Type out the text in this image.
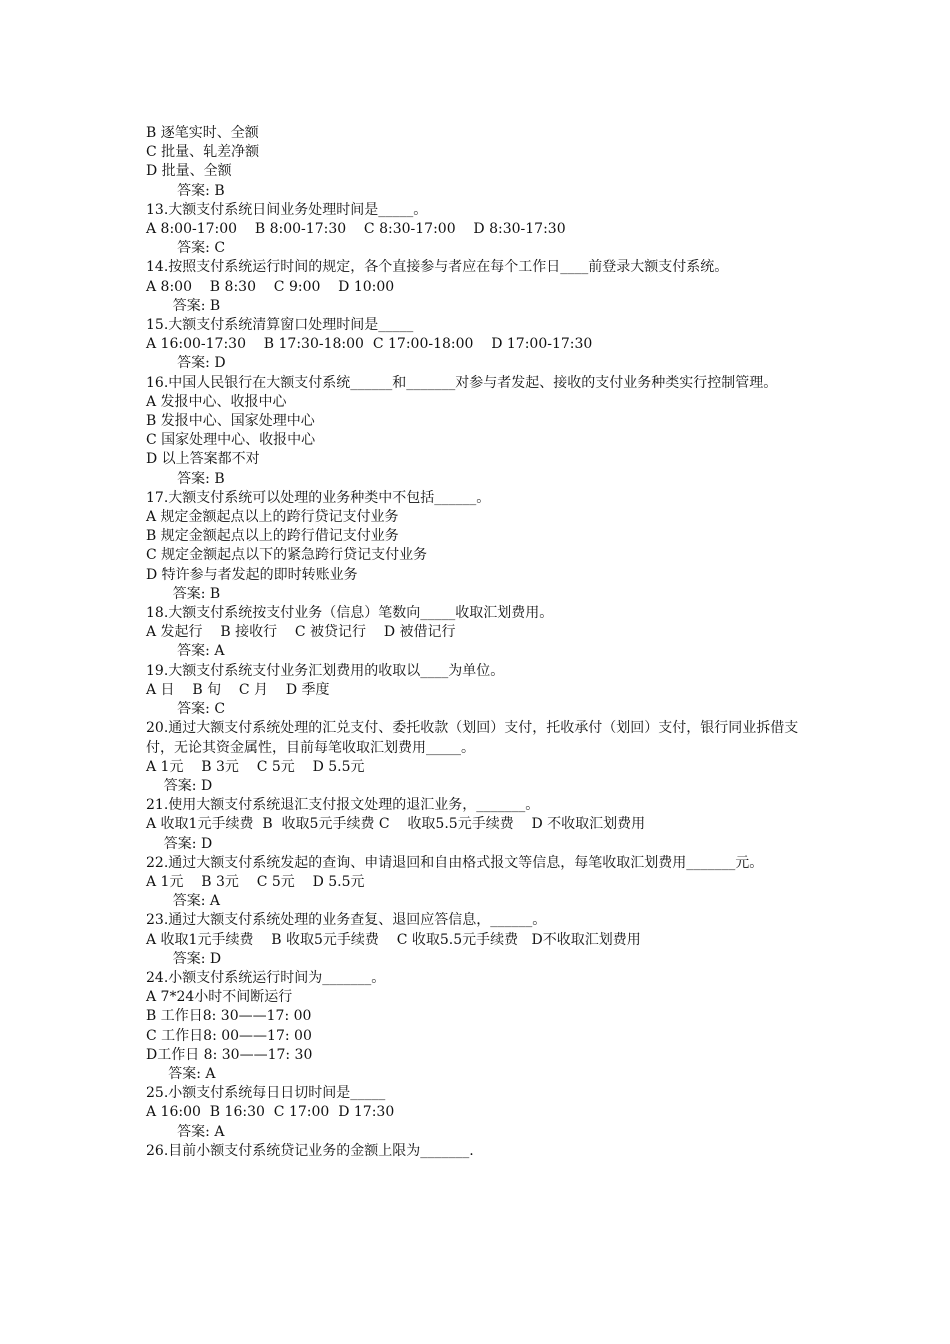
B 逐笔实时、全额
C 批量、轧差净额
D 批量、全额
答案: B
13.大额支付系统日间业务处理时间是_____。
A 8:00-17:00    B 8:00-17:30    C 8:30-17:00    D 8:30-17:30
答案: C
14.按照支付系统运行时间的规定，各个直接参与者应在每个工作日____前登录大额支付系统。
A 8:00    B 8:30    C 9:00    D 10:00
答案: B
15.大额支付系统清算窗口处理时间是_____
A 16:00-17:30    B 17:30-18:00  C 17:00-18:00    D 17:00-17:30
答案: D
16.中国人民银行在大额支付系统______和_______对参与者发起、接收的支付业务种类实行控制管理。
A 发报中心、收报中心
B 发报中心、国家处理中心
C 国家处理中心、收报中心
D 以上答案都不对
答案: B
17.大额支付系统可以处理的业务种类中不包括______。
A 规定金额起点以上的跨行贷记支付业务
B 规定金额起点以上的跨行借记支付业务
C 规定金额起点以下的紧急跨行贷记支付业务
D 特许参与者发起的即时转账业务
答案: B
18.大额支付系统按支付业务（信息）笔数向_____收取汇划费用。
A 发起行    B 接收行    C 被贷记行    D 被借记行
答案: A
19.大额支付系统支付业务汇划费用的收取以____为单位。
A 日    B 旬    C 月    D 季度
答案: C
20.通过大额支付系统处理的汇兑支付、委托收款（划回）支付，托收承付（划回）支付，银行同业拆借支付，无论其资金属性，目前每笔收取汇划费用_____。
A 1元    B 3元    C 5元    D 5.5元
答案: D
21.使用大额支付系统退汇支付报文处理的退汇业务，_______。
A 收取1元手续费  B  收取5元手续费 C    收取5.5元手续费    D 不收取汇划费用
答案: D
22.通过大额支付系统发起的查询、申请退回和自由格式报文等信息，每笔收取汇划费用_______元。
A 1元    B 3元    C 5元    D 5.5元
答案: A
23.通过大额支付系统处理的业务查复、退回应答信息，______。
A 收取1元手续费    B 收取5元手续费    C 收取5.5元手续费   D不收取汇划费用
答案: D
24.小额支付系统运行时间为_______。
A 7*24小时不间断运行
B 工作日8: 30——17: 00
C 工作日8: 00——17: 00
D工作日 8: 30——17: 30
答案: A
25.小额支付系统每日日切时间是_____
A 16:00  B 16:30  C 17:00  D 17:30
答案: A
26.目前小额支付系统贷记业务的金额上限为_______.
